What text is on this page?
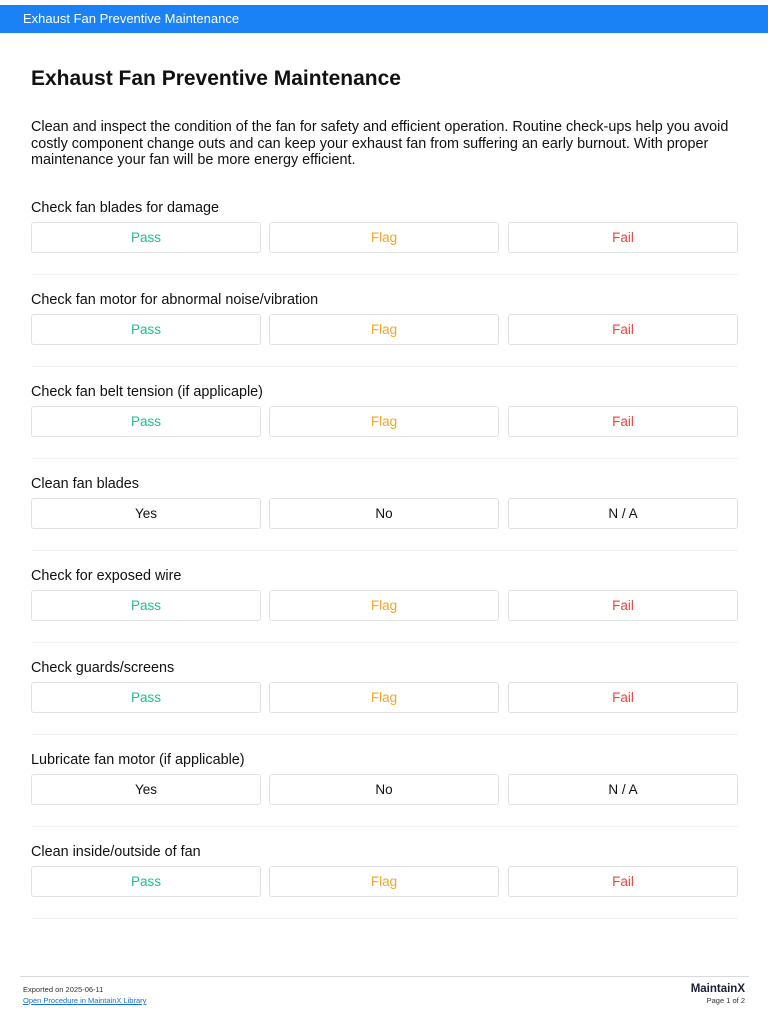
Exhaust Fan Preventive Maintenance
Exhaust Fan Preventive Maintenance

Clean and inspect the condition of the fan for safety and efficient operation. Routine check-ups help you avoid costly component change outs and can keep your exhaust fan from suffering an early burnout. With proper maintenance your fan will be more energy efficient.

Check fan blades for damage
Pass	Flag	Fail
Check fan motor for abnormal noise/vibration
Pass	Flag	Fail
Check fan belt tension (if applicaple)
Pass	Flag	Fail
Clean fan blades
Yes	No	N / A
Check for exposed wire
Pass	Flag	Fail
Check guards/screens
Pass	Flag	Fail
Lubricate fan motor (if applicable)
Yes	No	N / A
Clean inside/outside of fan
Pass	Flag	Fail
Exported on 2025-06-11
Open Procedure in MaintainX Library
MaintainX
Page 1 of 2
